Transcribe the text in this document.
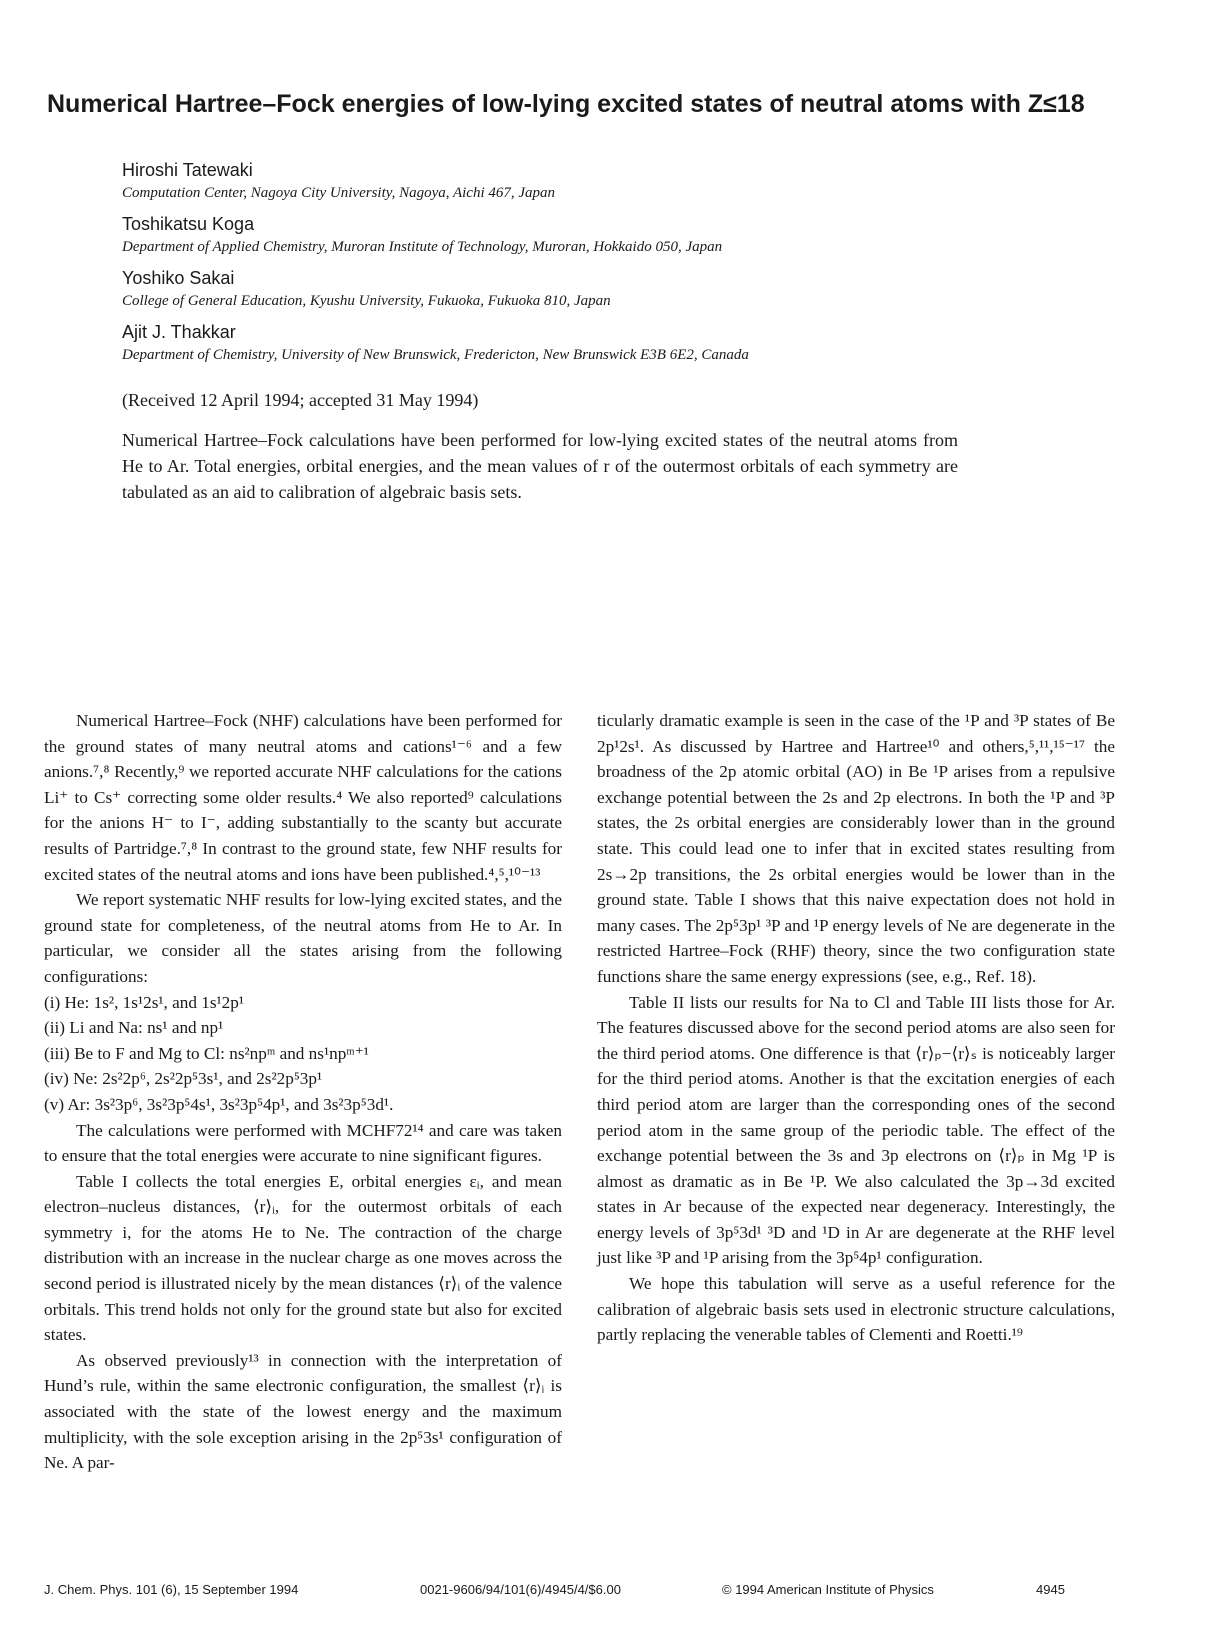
Numerical Hartree–Fock energies of low-lying excited states of neutral atoms with Z≤18
Hiroshi Tatewaki
Computation Center, Nagoya City University, Nagoya, Aichi 467, Japan
Toshikatsu Koga
Department of Applied Chemistry, Muroran Institute of Technology, Muroran, Hokkaido 050, Japan
Yoshiko Sakai
College of General Education, Kyushu University, Fukuoka, Fukuoka 810, Japan
Ajit J. Thakkar
Department of Chemistry, University of New Brunswick, Fredericton, New Brunswick E3B 6E2, Canada
(Received 12 April 1994; accepted 31 May 1994)

Numerical Hartree–Fock calculations have been performed for low-lying excited states of the neutral atoms from He to Ar. Total energies, orbital energies, and the mean values of r of the outermost orbitals of each symmetry are tabulated as an aid to calibration of algebraic basis sets.

Numerical Hartree–Fock (NHF) calculations have been performed for the ground states of many neutral atoms and cations¹⁻⁶ and a few anions.⁷,⁸ Recently,⁹ we reported accurate NHF calculations for the cations Li⁺ to Cs⁺ correcting some older results.⁴ We also reported⁹ calculations for the anions H⁻ to I⁻, adding substantially to the scanty but accurate results of Partridge.⁷,⁸ In contrast to the ground state, few NHF results for excited states of the neutral atoms and ions have been published.⁴,⁵,¹⁰⁻¹³

We report systematic NHF results for low-lying excited states, and the ground state for completeness, of the neutral atoms from He to Ar. In particular, we consider all the states arising from the following configurations:

(i) He: 1s², 1s¹2s¹, and 1s¹2p¹

(ii) Li and Na: ns¹ and np¹

(iii) Be to F and Mg to Cl: ns²npᵐ and ns¹npᵐ⁺¹

(iv) Ne: 2s²2p⁶, 2s²2p⁵3s¹, and 2s²2p⁵3p¹

(v) Ar: 3s²3p⁶, 3s²3p⁵4s¹, 3s²3p⁵4p¹, and 3s²3p⁵3d¹.

The calculations were performed with MCHF72¹⁴ and care was taken to ensure that the total energies were accurate to nine significant figures.

Table I collects the total energies E, orbital energies εᵢ, and mean electron–nucleus distances, ⟨r⟩ᵢ, for the outermost orbitals of each symmetry i, for the atoms He to Ne. The contraction of the charge distribution with an increase in the nuclear charge as one moves across the second period is illustrated nicely by the mean distances ⟨r⟩ᵢ of the valence orbitals. This trend holds not only for the ground state but also for excited states.

As observed previously¹³ in connection with the interpretation of Hund’s rule, within the same electronic configuration, the smallest ⟨r⟩ᵢ is associated with the state of the lowest energy and the maximum multiplicity, with the sole exception arising in the 2p⁵3s¹ configuration of Ne. A par-

ticularly dramatic example is seen in the case of the ¹P and ³P states of Be 2p¹2s¹. As discussed by Hartree and Hartree¹⁰ and others,⁵,¹¹,¹⁵⁻¹⁷ the broadness of the 2p atomic orbital (AO) in Be ¹P arises from a repulsive exchange potential between the 2s and 2p electrons. In both the ¹P and ³P states, the 2s orbital energies are considerably lower than in the ground state. This could lead one to infer that in excited states resulting from 2s→2p transitions, the 2s orbital energies would be lower than in the ground state. Table I shows that this naive expectation does not hold in many cases. The 2p⁵3p¹ ³P and ¹P energy levels of Ne are degenerate in the restricted Hartree–Fock (RHF) theory, since the two configuration state functions share the same energy expressions (see, e.g., Ref. 18).

Table II lists our results for Na to Cl and Table III lists those for Ar. The features discussed above for the second period atoms are also seen for the third period atoms. One difference is that ⟨r⟩ₚ−⟨r⟩ₛ is noticeably larger for the third period atoms. Another is that the excitation energies of each third period atom are larger than the corresponding ones of the second period atom in the same group of the periodic table. The effect of the exchange potential between the 3s and 3p electrons on ⟨r⟩ₚ in Mg ¹P is almost as dramatic as in Be ¹P. We also calculated the 3p→3d excited states in Ar because of the expected near degeneracy. Interestingly, the energy levels of 3p⁵3d¹ ³D and ¹D in Ar are degenerate at the RHF level just like ³P and ¹P arising from the 3p⁵4p¹ configuration.

We hope this tabulation will serve as a useful reference for the calibration of algebraic basis sets used in electronic structure calculations, partly replacing the venerable tables of Clementi and Roetti.¹⁹

J. Chem. Phys. 101 (6), 15 September 1994	0021-9606/94/101(6)/4945/4/$6.00	© 1994 American Institute of Physics	4945
